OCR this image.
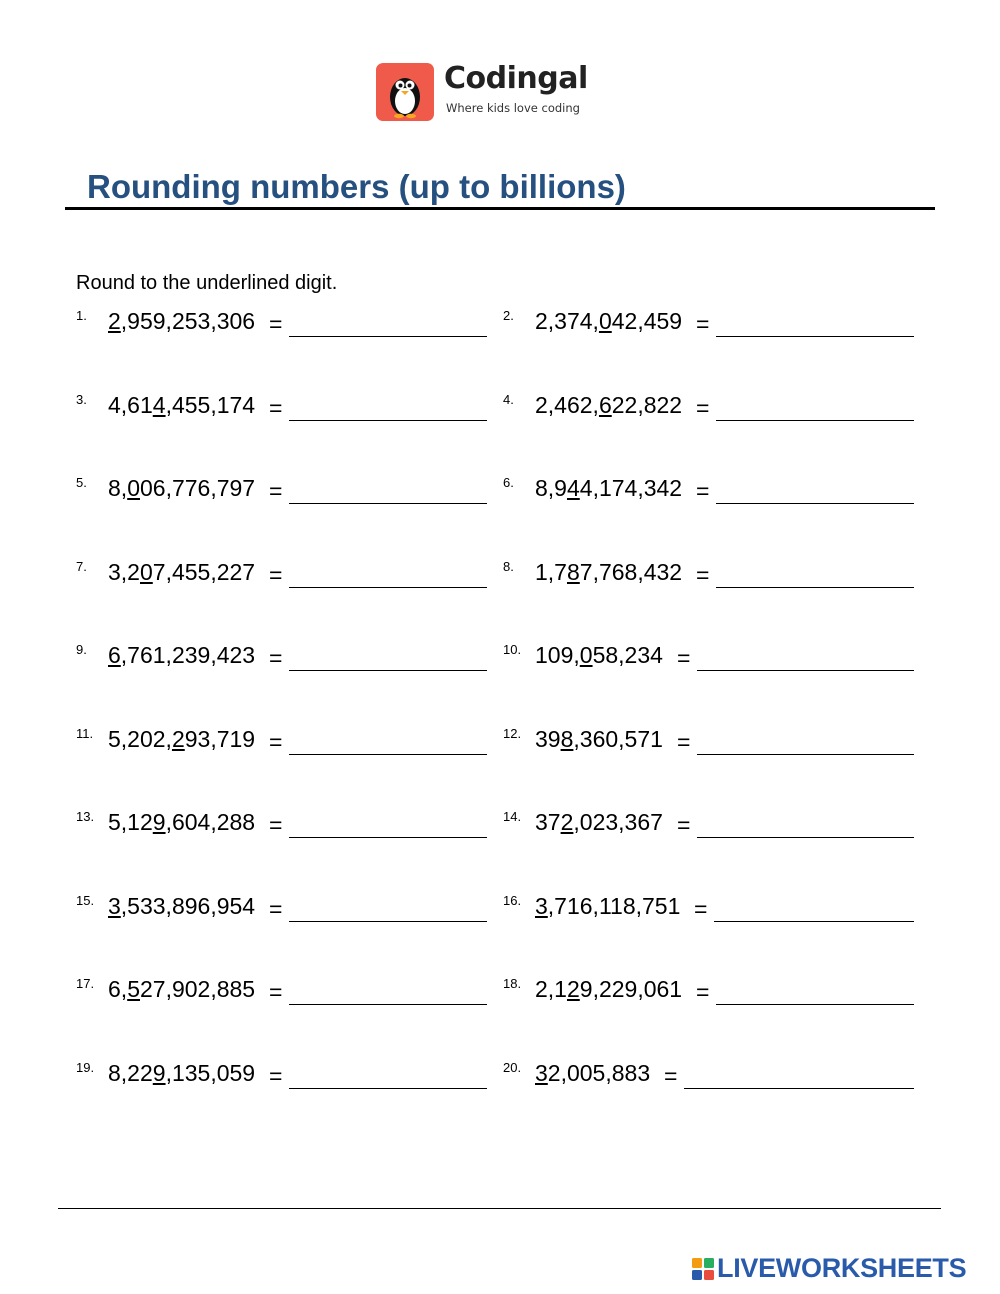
Codingal
Where kids love coding
Rounding numbers (up to billions)
Round to the underlined digit.
1. 2,959,253,306 =	2. 2,374,042,459 =
3. 4,614,455,174 =	4. 2,462,622,822 =
5. 8,006,776,797 =	6. 8,944,174,342 =
7. 3,207,455,227 =	8. 1,787,768,432 =
9. 6,761,239,423 =	10. 109,058,234 =
11. 5,202,293,719 =	12. 398,360,571 =
13. 5,129,604,288 =	14. 372,023,367 =
15. 3,533,896,954 =	16. 3,716,118,751 =
17. 6,527,902,885 =	18. 2,129,229,061 =
19. 8,229,135,059 =	20. 32,005,883 =
LIVEWORKSHEETS
